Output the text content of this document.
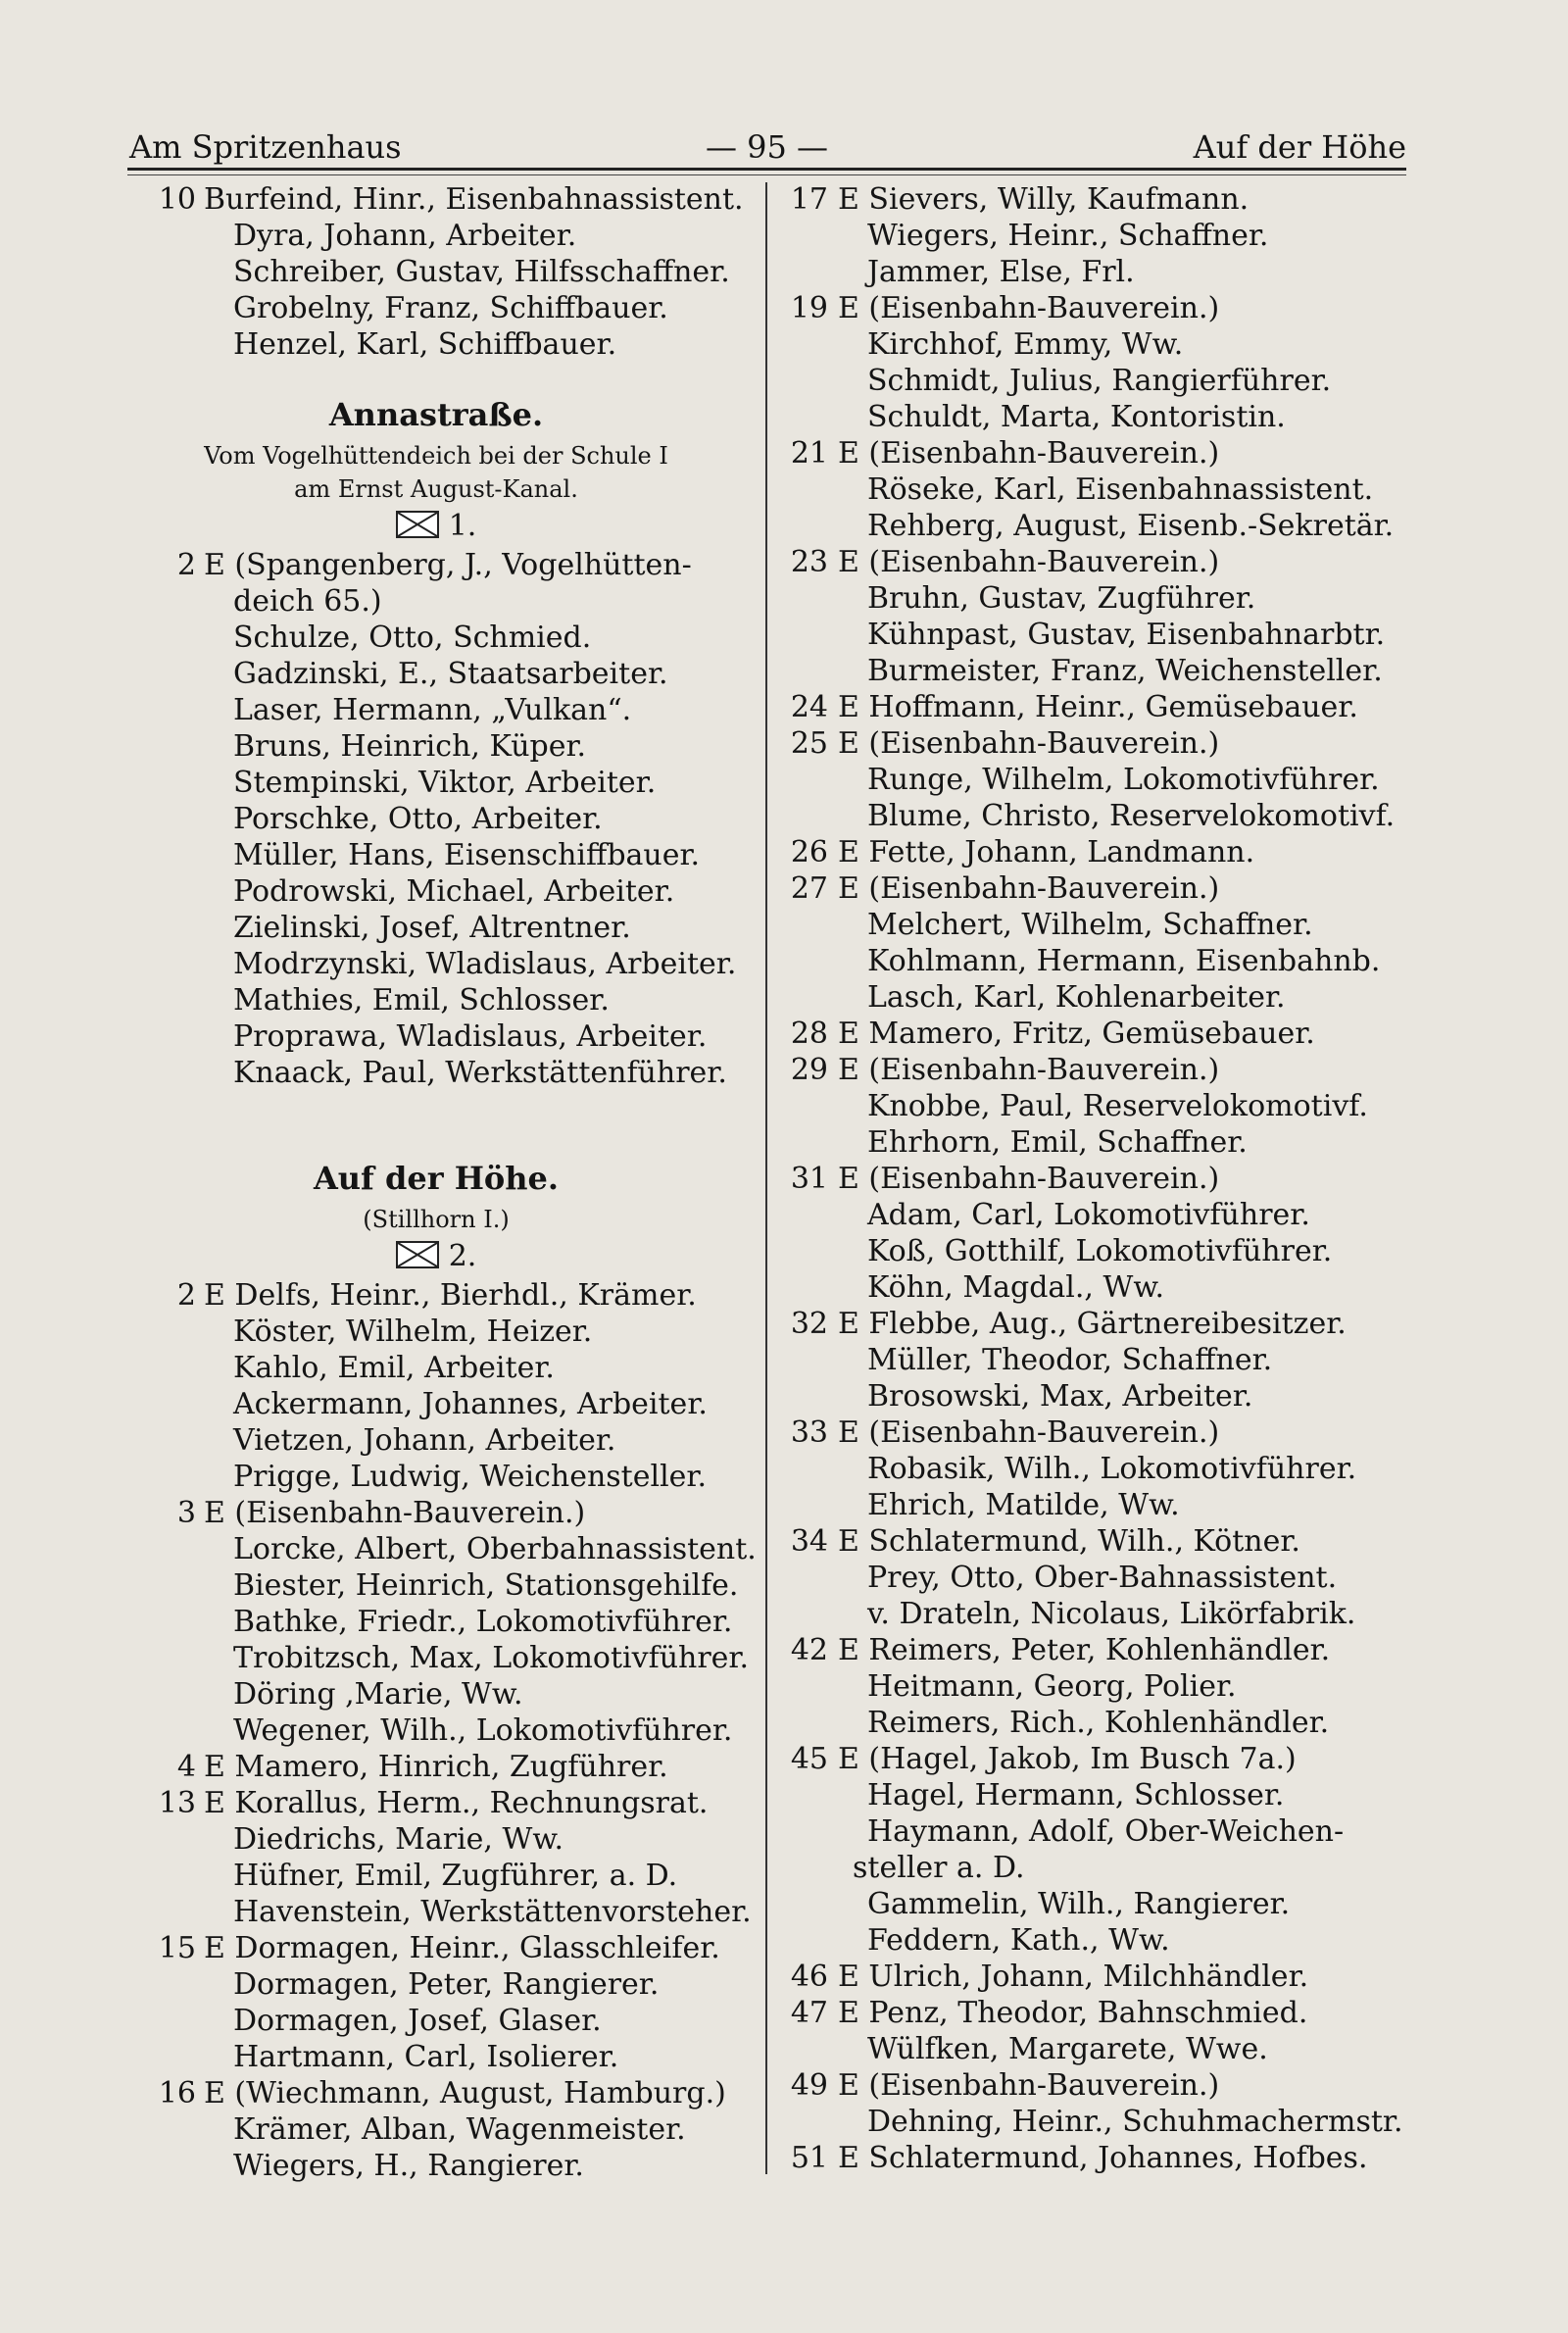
Am Spritzenhaus	— 95 —	Auf der Höhe
10 Burfeind, Hinr., Eisenbahnassistent.
Dyra, Johann, Arbeiter.
Schreiber, Gustav, Hilfsschaffner.
Grobelny, Franz, Schiffbauer.
Henzel, Karl, Schiffbauer.
Annastraße.
Vom Vogelhüttendeich bei der Schule I
am Ernst August-Kanal.
1.
2 E (Spangenberg, J., Vogelhütten-
deich 65.)
Schulze, Otto, Schmied.
Gadzinski, E., Staatsarbeiter.
Laser, Hermann, „Vulkan“.
Bruns, Heinrich, Küper.
Stempinski, Viktor, Arbeiter.
Porschke, Otto, Arbeiter.
Müller, Hans, Eisenschiffbauer.
Podrowski, Michael, Arbeiter.
Zielinski, Josef, Altrentner.
Modrzynski, Wladislaus, Arbeiter.
Mathies, Emil, Schlosser.
Proprawa, Wladislaus, Arbeiter.
Knaack, Paul, Werkstättenführer.
Auf der Höhe.
(Stillhorn I.)
2.
2 E Delfs, Heinr., Bierhdl., Krämer.
Köster, Wilhelm, Heizer.
Kahlo, Emil, Arbeiter.
Ackermann, Johannes, Arbeiter.
Vietzen, Johann, Arbeiter.
Prigge, Ludwig, Weichensteller.
3 E (Eisenbahn-Bauverein.)
Lorcke, Albert, Oberbahnassistent.
Biester, Heinrich, Stationsgehilfe.
Bathke, Friedr., Lokomotivführer.
Trobitzsch, Max, Lokomotivführer.
Döring ,Marie, Ww.
Wegener, Wilh., Lokomotivführer.
4 E Mamero, Hinrich, Zugführer.
13 E Korallus, Herm., Rechnungsrat.
Diedrichs, Marie, Ww.
Hüfner, Emil, Zugführer, a. D.
Havenstein, Werkstättenvorsteher.
15 E Dormagen, Heinr., Glasschleifer.
Dormagen, Peter, Rangierer.
Dormagen, Josef, Glaser.
Hartmann, Carl, Isolierer.
16 E (Wiechmann, August, Hamburg.)
Krämer, Alban, Wagenmeister.
Wiegers, H., Rangierer.
17 E Sievers, Willy, Kaufmann.
Wiegers, Heinr., Schaffner.
Jammer, Else, Frl.
19 E (Eisenbahn-Bauverein.)
Kirchhof, Emmy, Ww.
Schmidt, Julius, Rangierführer.
Schuldt, Marta, Kontoristin.
21 E (Eisenbahn-Bauverein.)
Röseke, Karl, Eisenbahnassistent.
Rehberg, August, Eisenb.-Sekretär.
23 E (Eisenbahn-Bauverein.)
Bruhn, Gustav, Zugführer.
Kühnpast, Gustav, Eisenbahnarbtr.
Burmeister, Franz, Weichensteller.
24 E Hoffmann, Heinr., Gemüsebauer.
25 E (Eisenbahn-Bauverein.)
Runge, Wilhelm, Lokomotivführer.
Blume, Christo, Reservelokomotivf.
26 E Fette, Johann, Landmann.
27 E (Eisenbahn-Bauverein.)
Melchert, Wilhelm, Schaffner.
Kohlmann, Hermann, Eisenbahnb.
Lasch, Karl, Kohlenarbeiter.
28 E Mamero, Fritz, Gemüsebauer.
29 E (Eisenbahn-Bauverein.)
Knobbe, Paul, Reservelokomotivf.
Ehrhorn, Emil, Schaffner.
31 E (Eisenbahn-Bauverein.)
Adam, Carl, Lokomotivführer.
Koß, Gotthilf, Lokomotivführer.
Köhn, Magdal., Ww.
32 E Flebbe, Aug., Gärtnereibesitzer.
Müller, Theodor, Schaffner.
Brosowski, Max, Arbeiter.
33 E (Eisenbahn-Bauverein.)
Robasik, Wilh., Lokomotivführer.
Ehrich, Matilde, Ww.
34 E Schlatermund, Wilh., Kötner.
Prey, Otto, Ober-Bahnassistent.
v. Drateln, Nicolaus, Likörfabrik.
42 E Reimers, Peter, Kohlenhändler.
Heitmann, Georg, Polier.
Reimers, Rich., Kohlenhändler.
45 E (Hagel, Jakob, Im Busch 7a.)
Hagel, Hermann, Schlosser.
Haymann, Adolf, Ober-Weichen-
steller a. D.
Gammelin, Wilh., Rangierer.
Feddern, Kath., Ww.
46 E Ulrich, Johann, Milchhändler.
47 E Penz, Theodor, Bahnschmied.
Wülfken, Margarete, Wwe.
49 E (Eisenbahn-Bauverein.)
Dehning, Heinr., Schuhmachermstr.
51 E Schlatermund, Johannes, Hofbes.
